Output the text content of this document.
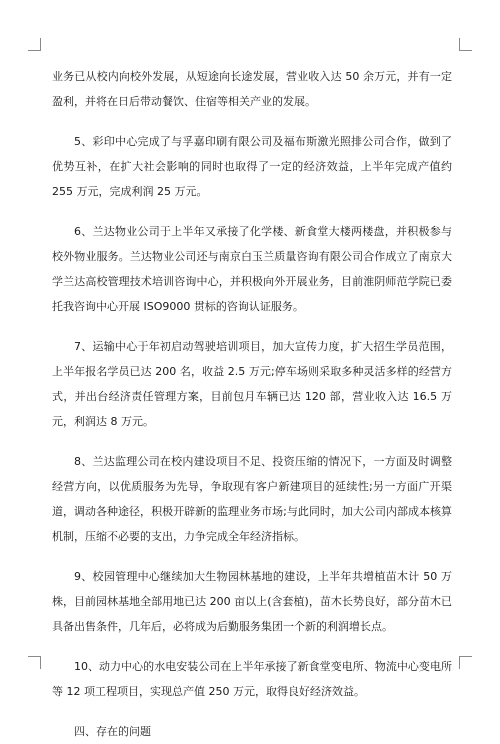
业务已从校内向校外发展，从短途向长途发展，营业收入达 50 余万元，并有一定盈利，并将在日后带动餐饮、住宿等相关产业的发展。

5、彩印中心完成了与孚嘉印刷有限公司及福布斯激光照排公司合作，做到了优势互补，在扩大社会影响的同时也取得了一定的经济效益，上半年完成产值约 255 万元，完成利润 25 万元。

6、兰达物业公司于上半年又承接了化学楼、新食堂大楼两楼盘，并积极参与校外物业服务。兰达物业公司还与南京白玉兰质量咨询有限公司合作成立了南京大学兰达高校管理技术培训咨询中心，并积极向外开展业务，目前淮阴师范学院已委托我咨询中心开展 ISO9000 贯标的咨询认证服务。

7、运输中心于年初启动驾驶培训项目，加大宣传力度，扩大招生学员范围，上半年报名学员已达 200 名，收益 2.5 万元;停车场则采取多种灵活多样的经营方式，并出台经济责任管理方案，目前包月车辆已达 120 部，营业收入达 16.5 万元，利润达 8 万元。

8、兰达监理公司在校内建设项目不足、投资压缩的情况下，一方面及时调整经营方向，以优质服务为先导，争取现有客户新建项目的延续性;另一方面广开渠道，调动各种途径，积极开辟新的监理业务市场;与此同时，加大公司内部成本核算机制，压缩不必要的支出，力争完成全年经济指标。

9、校园管理中心继续加大生物园林基地的建设，上半年共增植苗木计 50 万株，目前园林基地全部用地已达 200 亩以上(含套植)，苗木长势良好，部分苗木已具备出售条件，几年后，必将成为后勤服务集团一个新的利润增长点。

10、动力中心的水电安装公司在上半年承接了新食堂变电所、物流中心变电所等 12 项工程项目，实现总产值 250 万元，取得良好经济效益。

四、存在的问题
